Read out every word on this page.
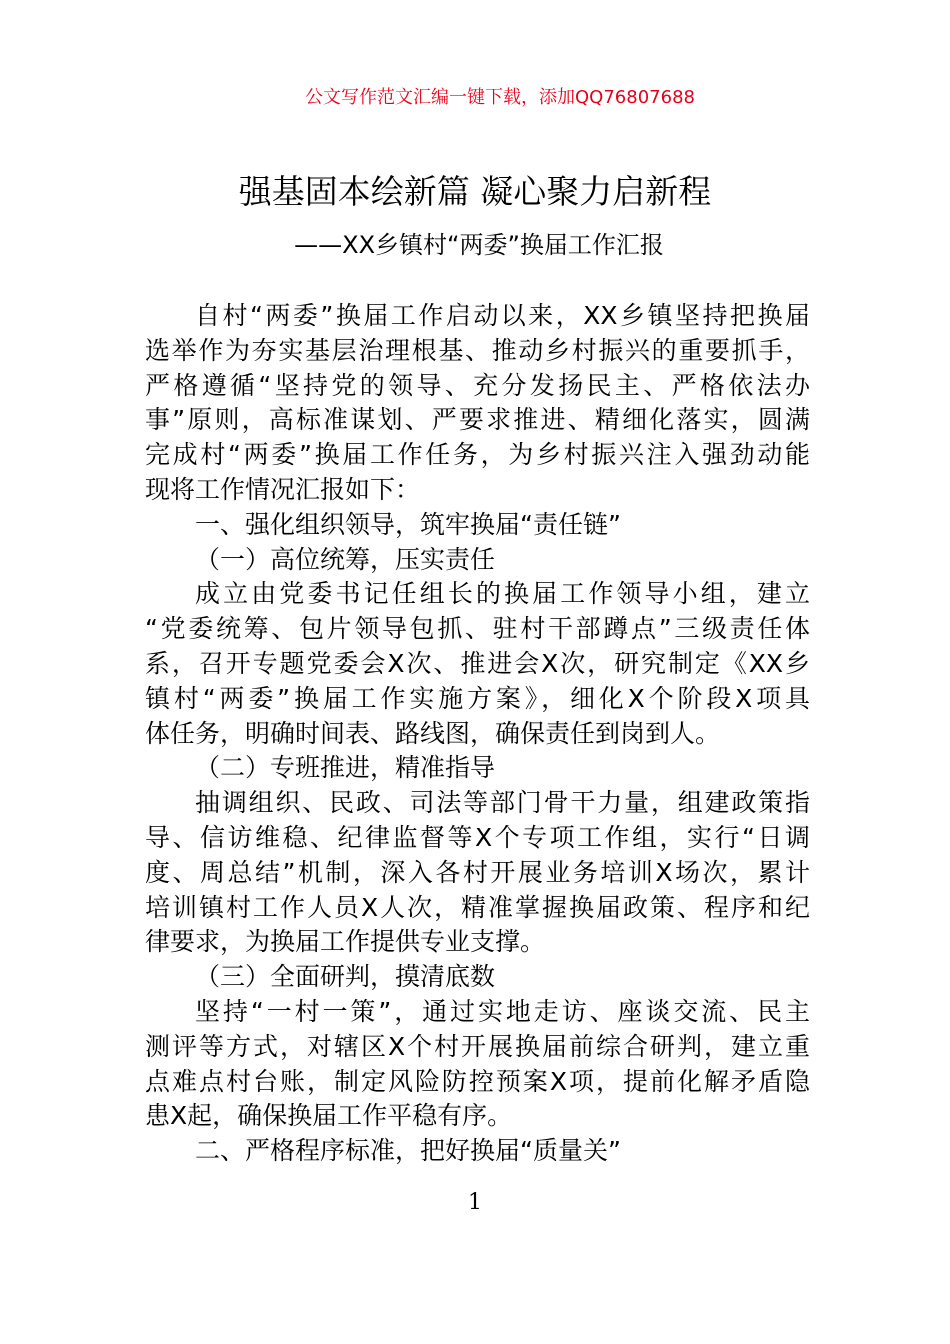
公文写作范文汇编一键下载，添加QQ76807688
强基固本绘新篇 凝心聚力启新程
——XX乡镇村“两委”换届工作汇报
自村“两委”换届工作启动以来，XX乡镇坚持把换届
选举作为夯实基层治理根基、推动乡村振兴的重要抓手，
严格遵循“坚持党的领导、充分发扬民主、严格依法办
事”原则，高标准谋划、严要求推进、精细化落实，圆满
完成村“两委”换届工作任务，为乡村振兴注入强劲动能
现将工作情况汇报如下：
一、强化组织领导，筑牢换届“责任链”
（一）高位统筹，压实责任
成立由党委书记任组长的换届工作领导小组，建立
“党委统筹、包片领导包抓、驻村干部蹲点”三级责任体
系，召开专题党委会X次、推进会X次，研究制定《XX乡
镇村“两委”换届工作实施方案》，细化X个阶段X项具
体任务，明确时间表、路线图，确保责任到岗到人。
（二）专班推进，精准指导
抽调组织、民政、司法等部门骨干力量，组建政策指
导、信访维稳、纪律监督等X个专项工作组，实行“日调
度、周总结”机制，深入各村开展业务培训X场次，累计
培训镇村工作人员X人次，精准掌握换届政策、程序和纪
律要求，为换届工作提供专业支撑。
（三）全面研判，摸清底数
坚持“一村一策”，通过实地走访、座谈交流、民主
测评等方式，对辖区X个村开展换届前综合研判，建立重
点难点村台账，制定风险防控预案X项，提前化解矛盾隐
患X起，确保换届工作平稳有序。
二、严格程序标准，把好换届“质量关”
1
